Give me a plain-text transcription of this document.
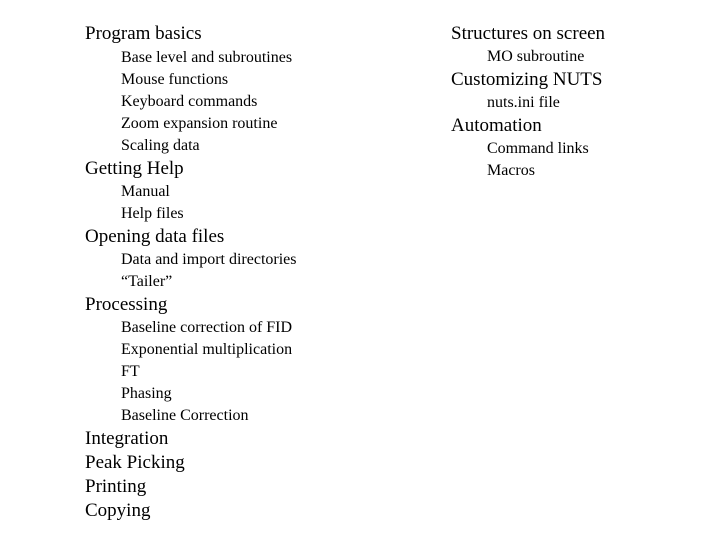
Program basics
Base level and subroutines
Mouse functions
Keyboard commands
Zoom expansion routine
Scaling data
Getting Help
Manual
Help files
Opening data files
Data and import directories
“Tailer”
Processing
Baseline correction of FID
Exponential multiplication
FT
Phasing
Baseline Correction
Integration
Peak Picking
Printing
Copying
Structures on screen
MO subroutine
Customizing NUTS
nuts.ini file
Automation
Command links
Macros
